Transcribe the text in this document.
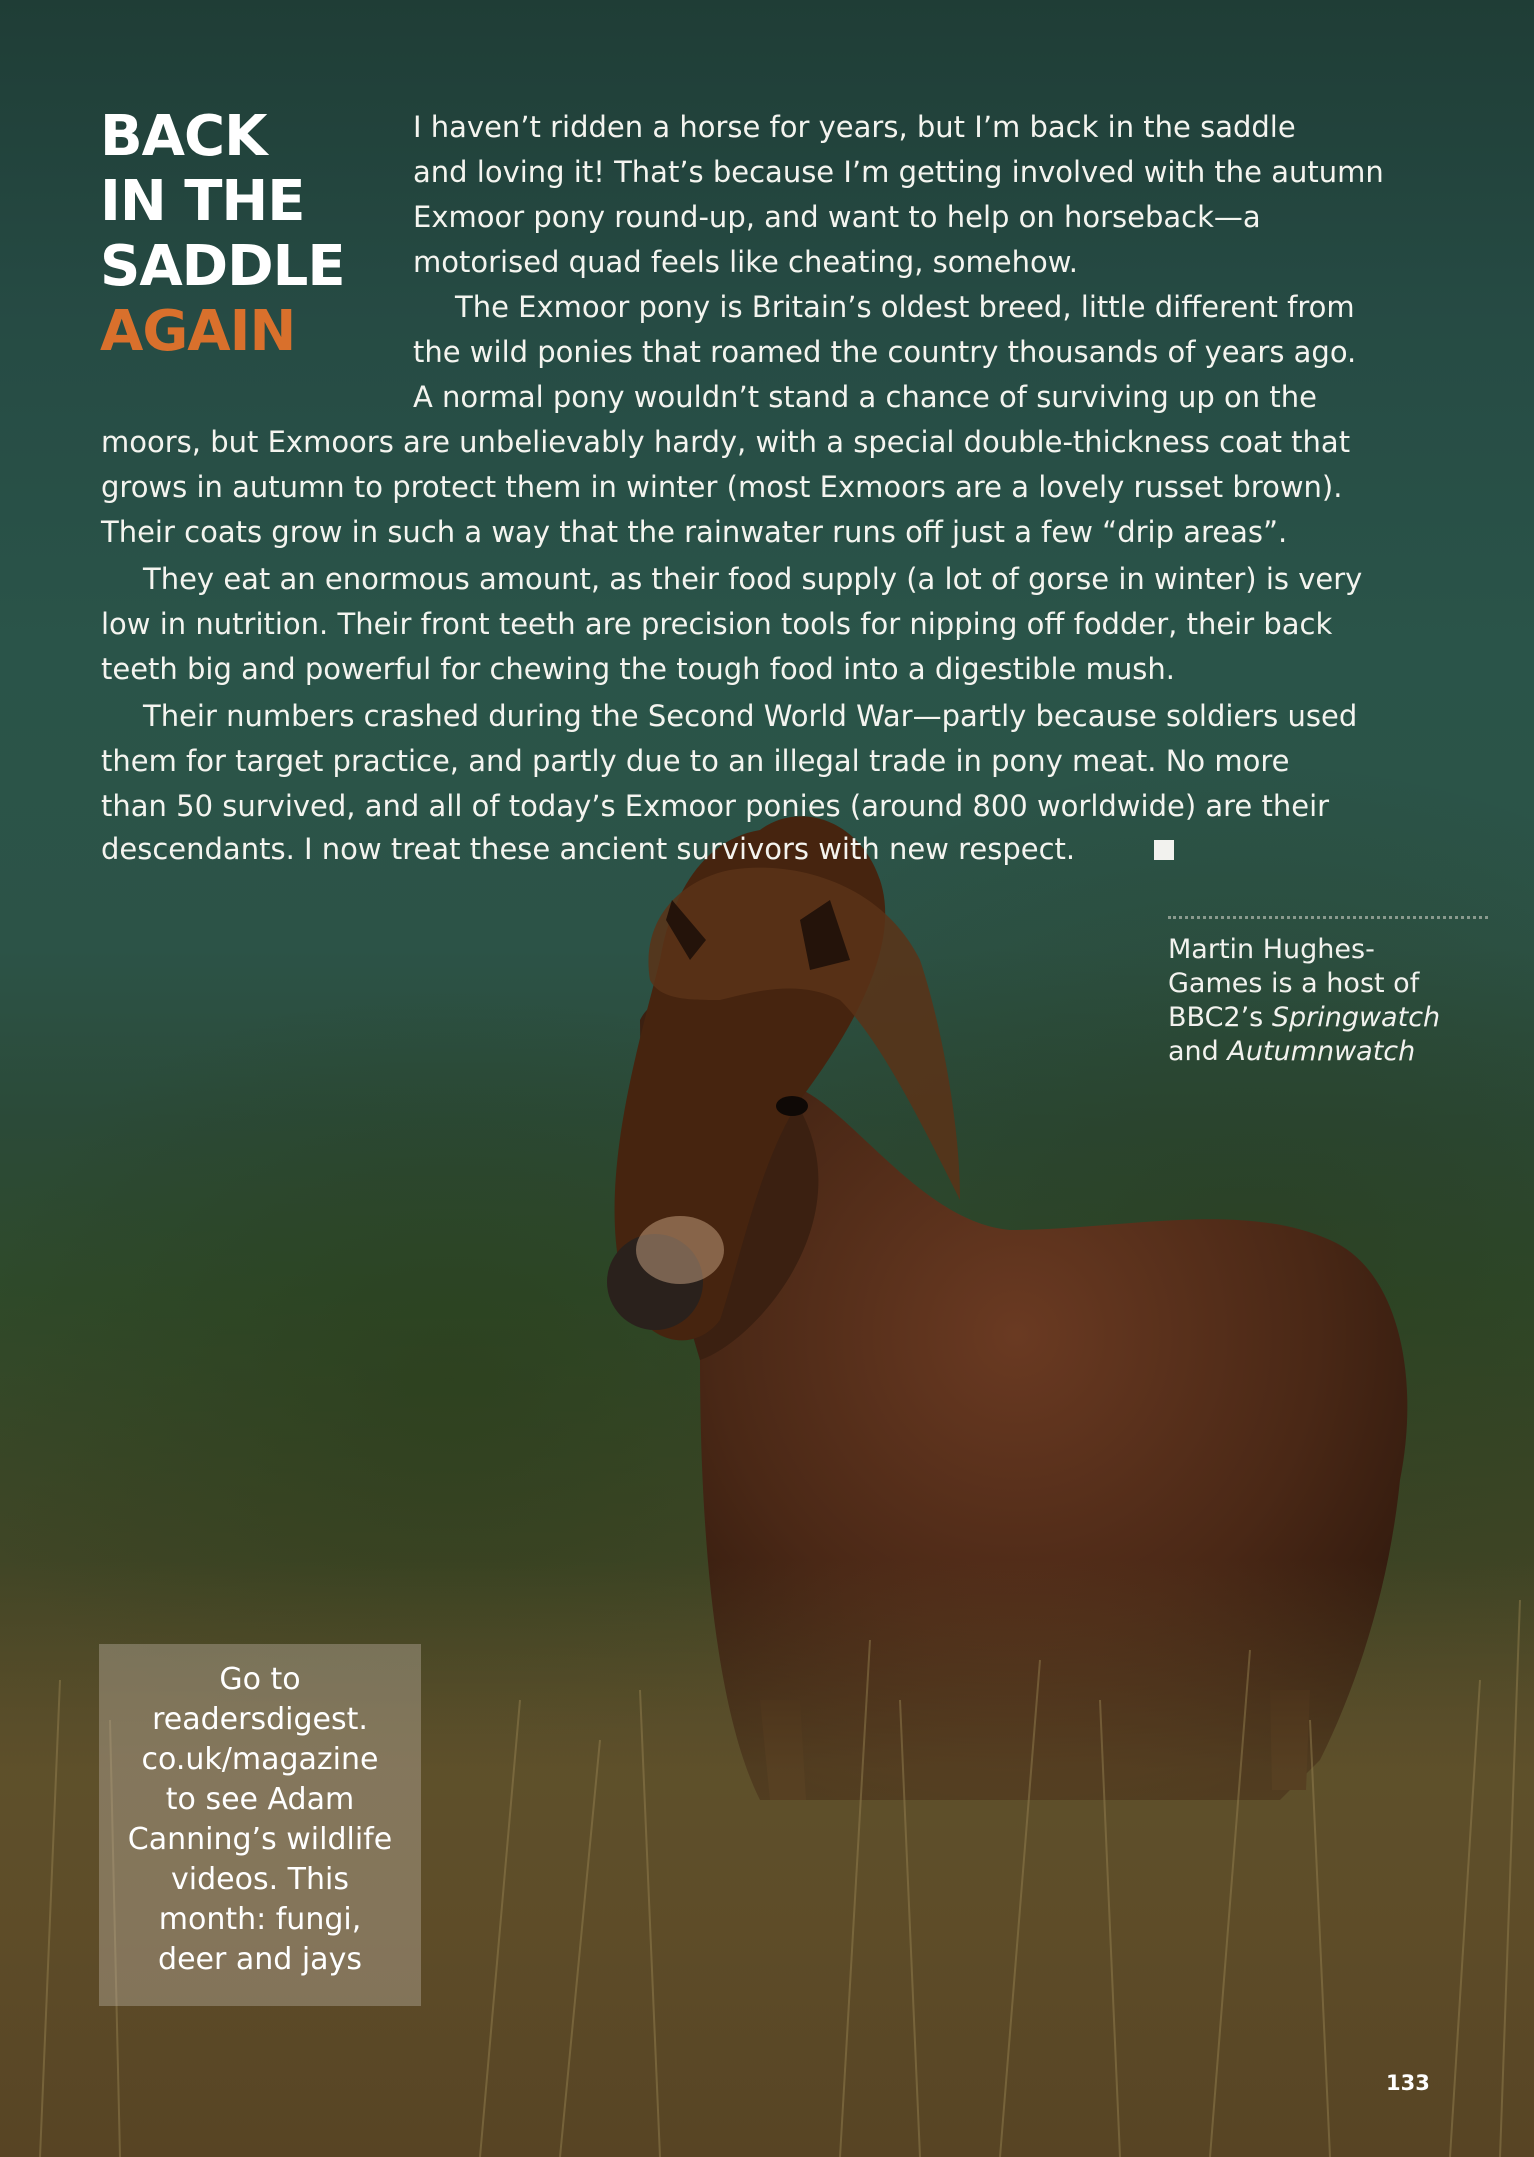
BACK
IN THE
SADDLE
AGAIN
I haven’t ridden a horse for years, but I’m back in the saddle
and loving it! That’s because I’m getting involved with the autumn
Exmoor pony round-up, and want to help on horseback—a
motorised quad feels like cheating, somehow.
The Exmoor pony is Britain’s oldest breed, little different from
the wild ponies that roamed the country thousands of years ago.
A normal pony wouldn’t stand a chance of surviving up on the
moors, but Exmoors are unbelievably hardy, with a special double-thickness coat that
grows in autumn to protect them in winter (most Exmoors are a lovely russet brown).
Their coats grow in such a way that the rainwater runs off just a few “drip areas”.
They eat an enormous amount, as their food supply (a lot of gorse in winter) is very
low in nutrition. Their front teeth are precision tools for nipping off fodder, their back
teeth big and powerful for chewing the tough food into a digestible mush.
Their numbers crashed during the Second World War—partly because soldiers used
them for target practice, and partly due to an illegal trade in pony meat. No more
than 50 survived, and all of today’s Exmoor ponies (around 800 worldwide) are their
descendants. I now treat these ancient survivors with new respect.
Martin Hughes-
Games is a host of
BBC2’s Springwatch
and Autumnwatch
Go to
readersdigest.
co.uk/magazine
to see Adam
Canning’s wildlife
videos. This
month: fungi,
deer and jays
133
